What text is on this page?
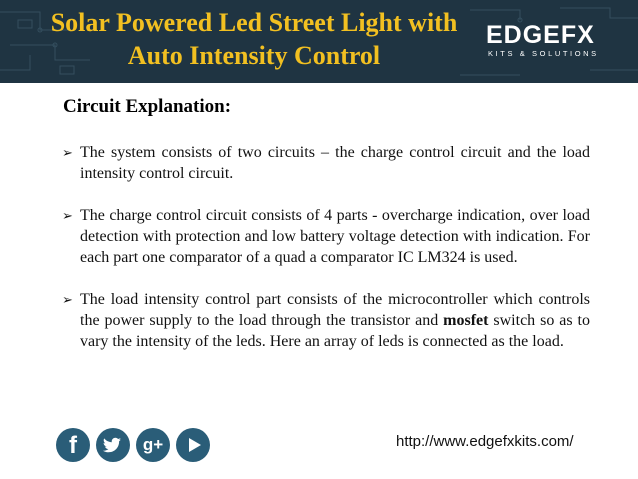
Solar Powered Led Street Light with
Auto Intensity Control
EDGEFX
KITS & SOLUTIONS
Circuit Explanation:
➢ The system consists of two circuits – the charge control circuit and the load intensity control circuit.
➢ The charge control circuit consists of 4 parts - overcharge indication, over load detection with protection and low battery voltage detection with indication. For each part one comparator of a quad a comparator IC LM324 is used.
➢ The load intensity control part consists of the microcontroller which controls the power supply to the load through the transistor and mosfet switch so as to vary the intensity of the leds. Here an array of leds is connected as the load.
f	g+	http://www.edgefxkits.com/
